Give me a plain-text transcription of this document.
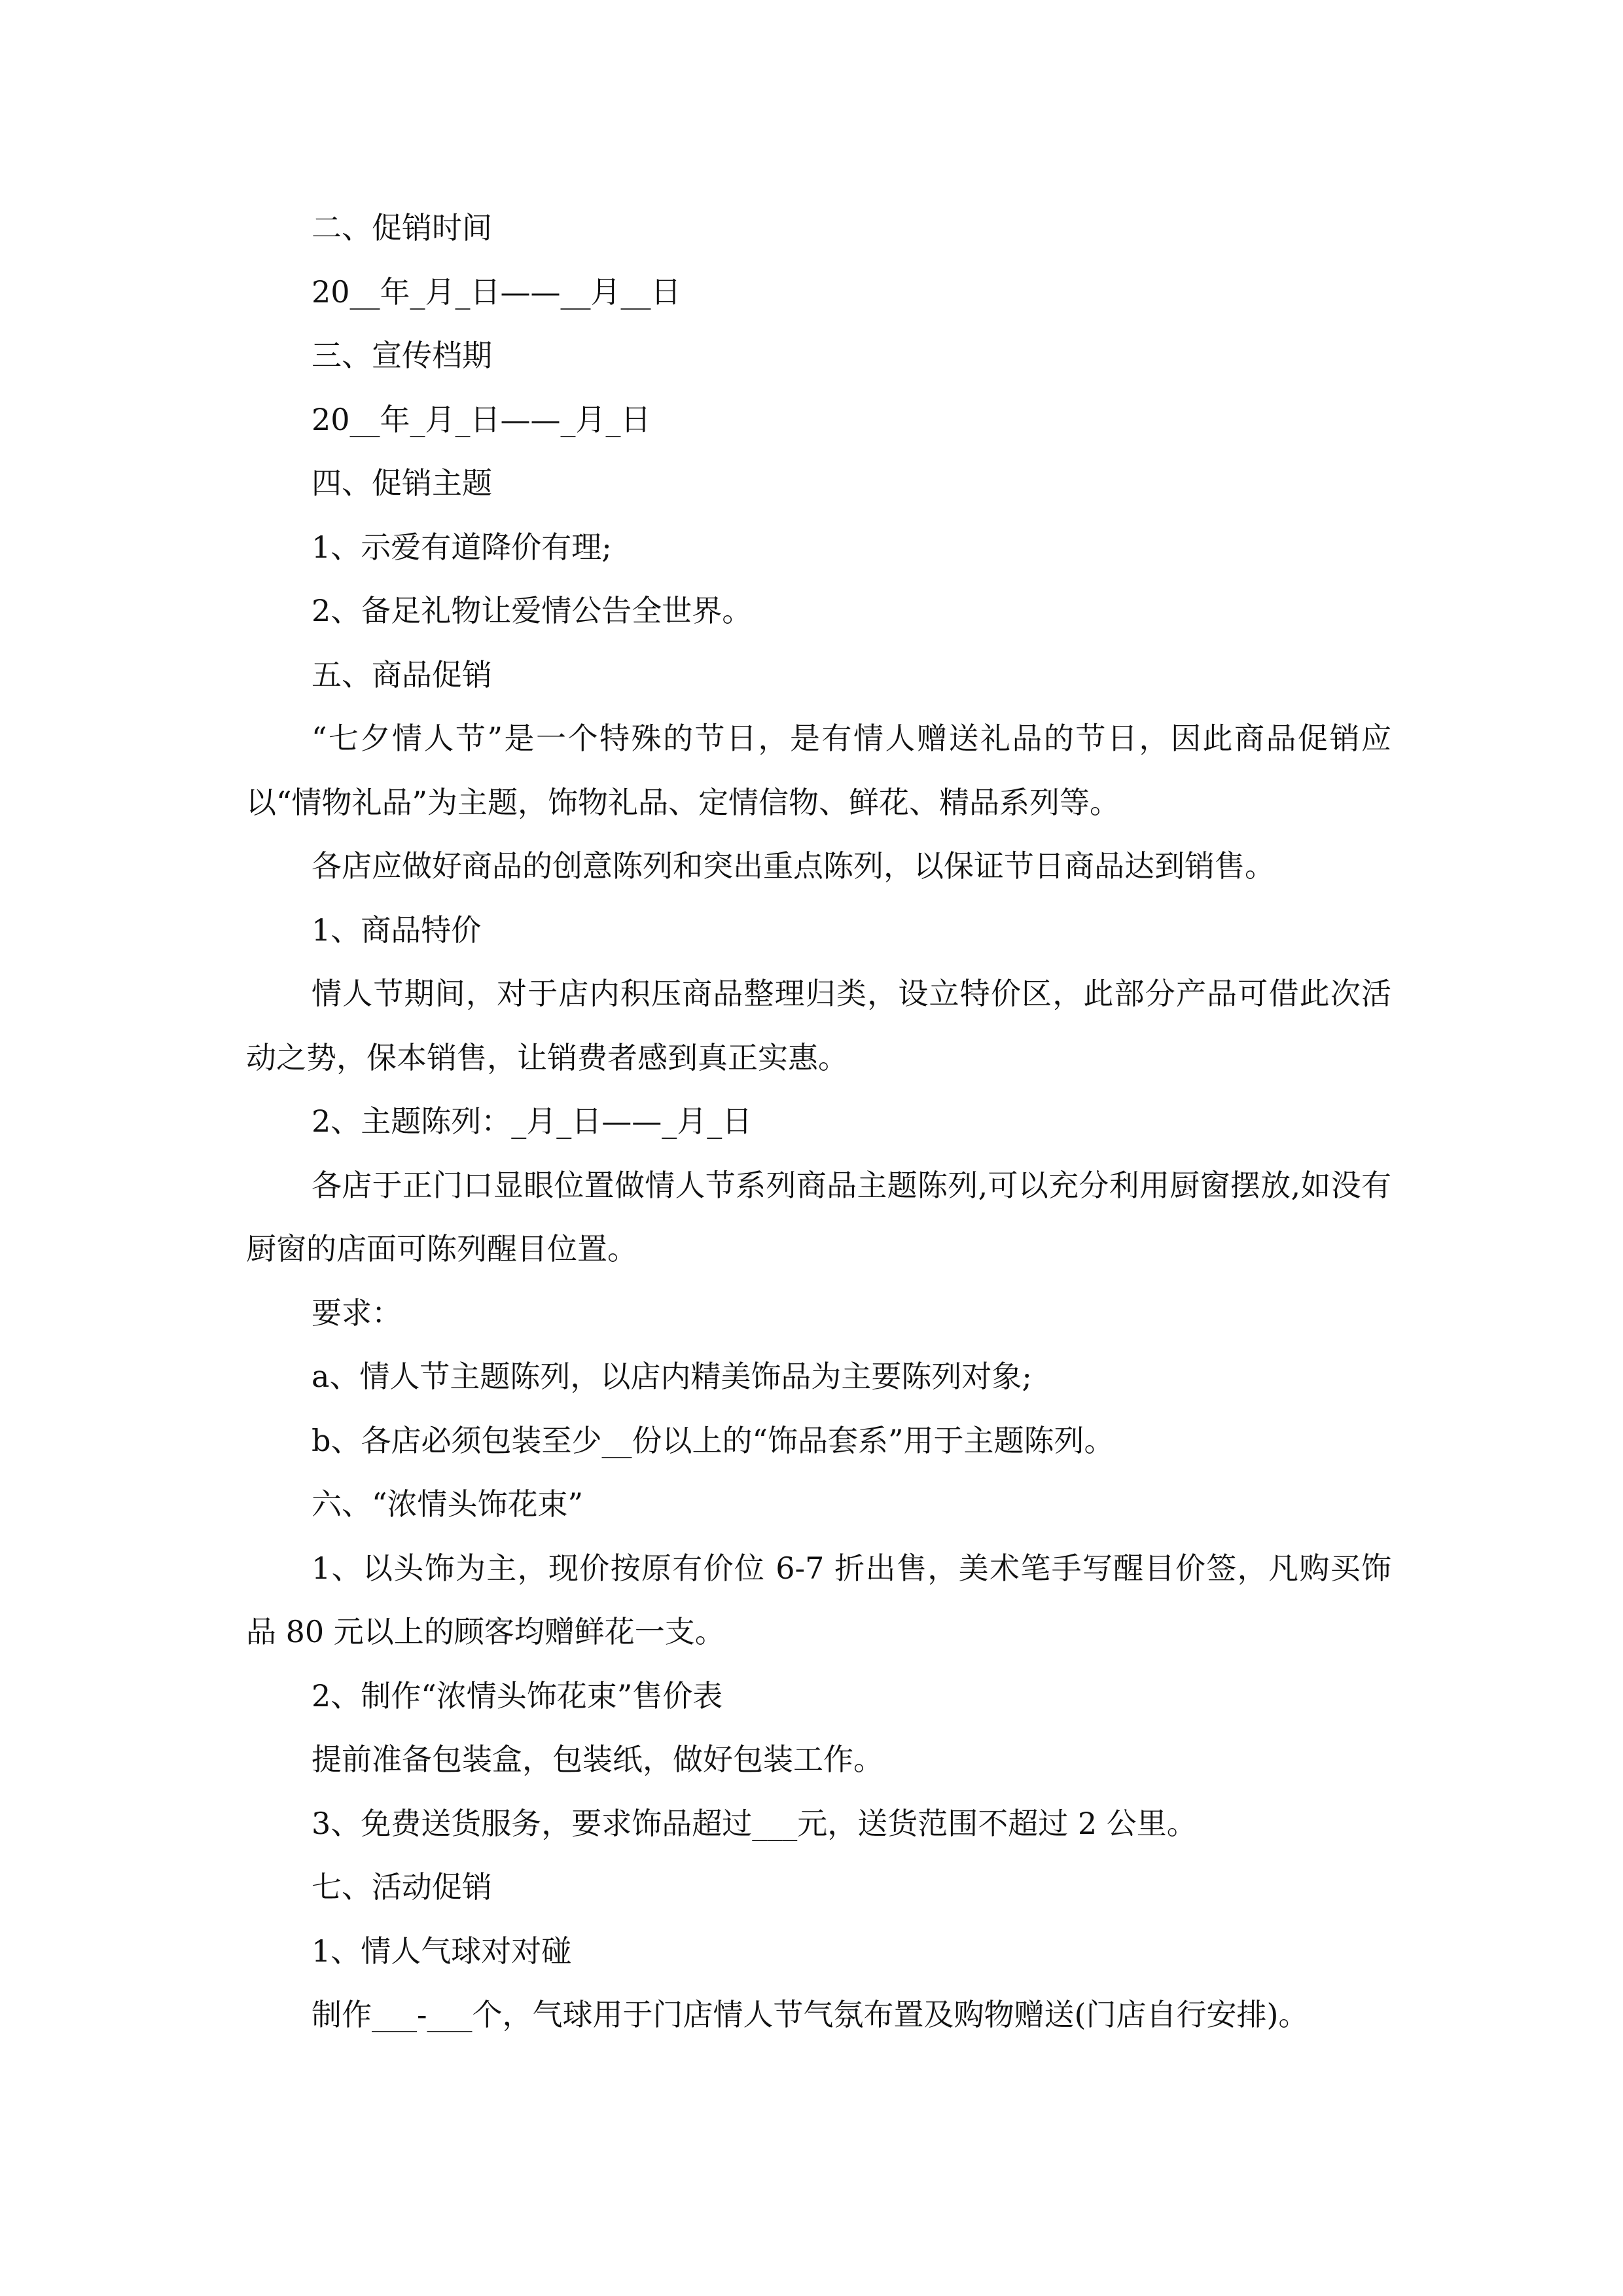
二、促销时间

20__年_月_日——__月__日

三、宣传档期

20__年_月_日——_月_日

四、促销主题

1、示爱有道降价有理;

2、备足礼物让爱情公告全世界。

五、商品促销

“七夕情人节”是一个特殊的节日，是有情人赠送礼品的节日，因此商品促销应以“情物礼品”为主题，饰物礼品、定情信物、鲜花、精品系列等。

各店应做好商品的创意陈列和突出重点陈列，以保证节日商品达到销售。

1、商品特价

情人节期间，对于店内积压商品整理归类，设立特价区，此部分产品可借此次活动之势，保本销售，让销费者感到真正实惠。

2、主题陈列：_月_日——_月_日

各店于正门口显眼位置做情人节系列商品主题陈列,可以充分利用厨窗摆放,如没有厨窗的店面可陈列醒目位置。

要求：

a、情人节主题陈列，以店内精美饰品为主要陈列对象;

b、各店必须包装至少__份以上的“饰品套系”用于主题陈列。

六、“浓情头饰花束”

1、以头饰为主，现价按原有价位 6-7 折出售，美术笔手写醒目价签，凡购买饰品 80 元以上的顾客均赠鲜花一支。

2、制作“浓情头饰花束”售价表

提前准备包装盒，包装纸，做好包装工作。

3、免费送货服务，要求饰品超过___元，送货范围不超过 2 公里。

七、活动促销

1、情人气球对对碰

制作___-___个，气球用于门店情人节气氛布置及购物赠送(门店自行安排)。
